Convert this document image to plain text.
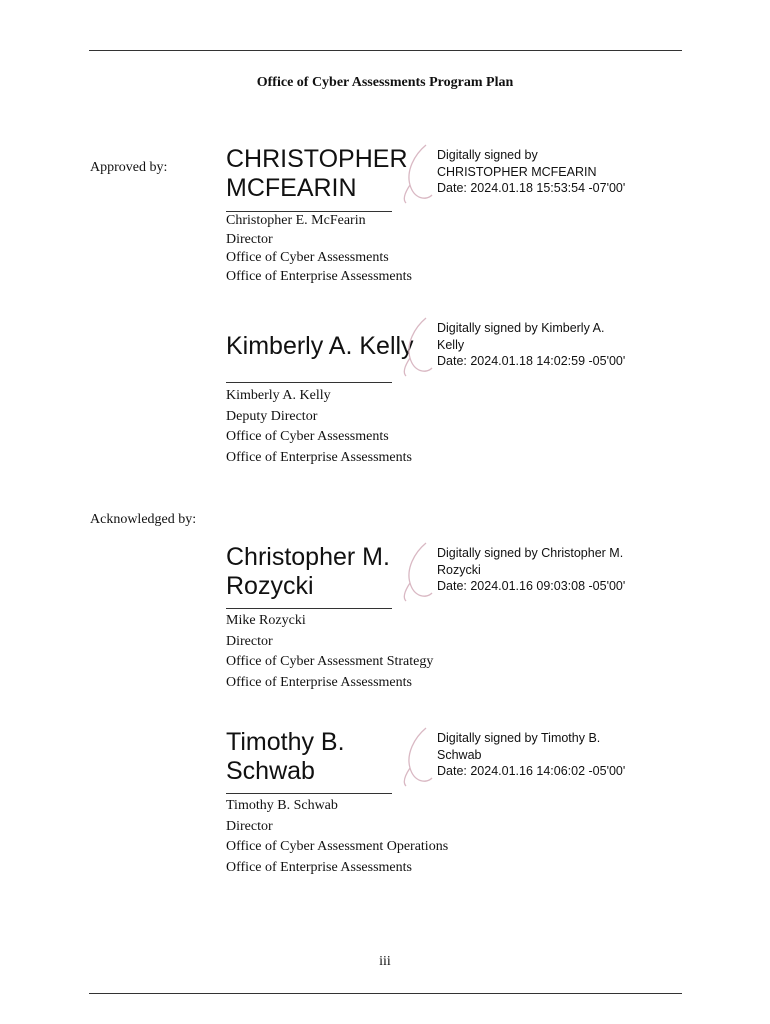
Office of Cyber Assessments Program Plan
Approved by: CHRISTOPHER MCFEARIN
Digitally signed by
CHRISTOPHER MCFEARIN
Date: 2024.01.18 15:53:54 -07'00'
Christopher E. McFearin
Director
Office of Cyber Assessments
Office of Enterprise Assessments
Kimberly A. Kelly
Digitally signed by Kimberly A.
Kelly
Date: 2024.01.18 14:02:59 -05'00'
Kimberly A. Kelly
Deputy Director
Office of Cyber Assessments
Office of Enterprise Assessments
Acknowledged by:
Christopher M. Rozycki
Digitally signed by Christopher M.
Rozycki
Date: 2024.01.16 09:03:08 -05'00'
Mike Rozycki
Director
Office of Cyber Assessment Strategy
Office of Enterprise Assessments
Timothy B. Schwab
Digitally signed by Timothy B.
Schwab
Date: 2024.01.16 14:06:02 -05'00'
Timothy B. Schwab
Director
Office of Cyber Assessment Operations
Office of Enterprise Assessments
iii
